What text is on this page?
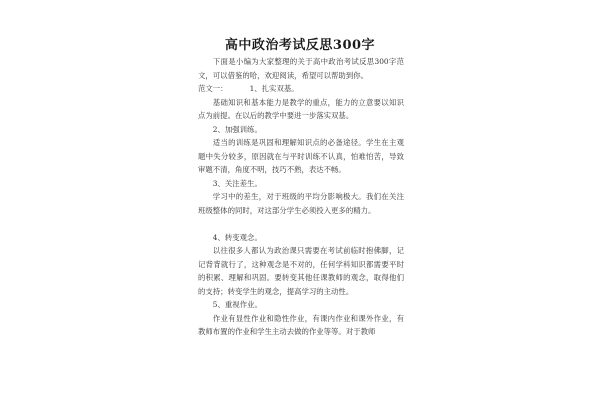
高中政治考试反思300字

下面是小编为大家整理的关于高中政治考试反思300字范文，可以借鉴的哈，欢迎阅读，希望可以帮助到你。

范文一：	1、扎实双基。

基础知识和基本能力是教学的重点，能力的立意要以知识点为前提。在以后的教学中要进一步落实双基。

2、加强训练。

适当的训练是巩固和理解知识点的必备途径。学生在主观题中失分较多，原因就在与平时训练不认真，怕难怕苦，导致审题不清，角度不明，技巧不熟，表达不畅。

3、关注差生。

学习中的差生，对于班级的平均分影响极大。我们在关注班级整体的同时，对这部分学生必须投入更多的精力。

4、转变观念。

以往很多人都认为政治课只需要在考试前临时抱佛脚，记记背背就行了，这种观念是不对的，任何学科知识都需要平时的积累、理解和巩固。要转变其他任课教师的观念，取得他们的支持；转变学生的观念，提高学习的主动性。

5、重视作业。

作业有显性作业和隐性作业，有课内作业和课外作业，有教师布置的作业和学生主动去做的作业等等。对于教师
